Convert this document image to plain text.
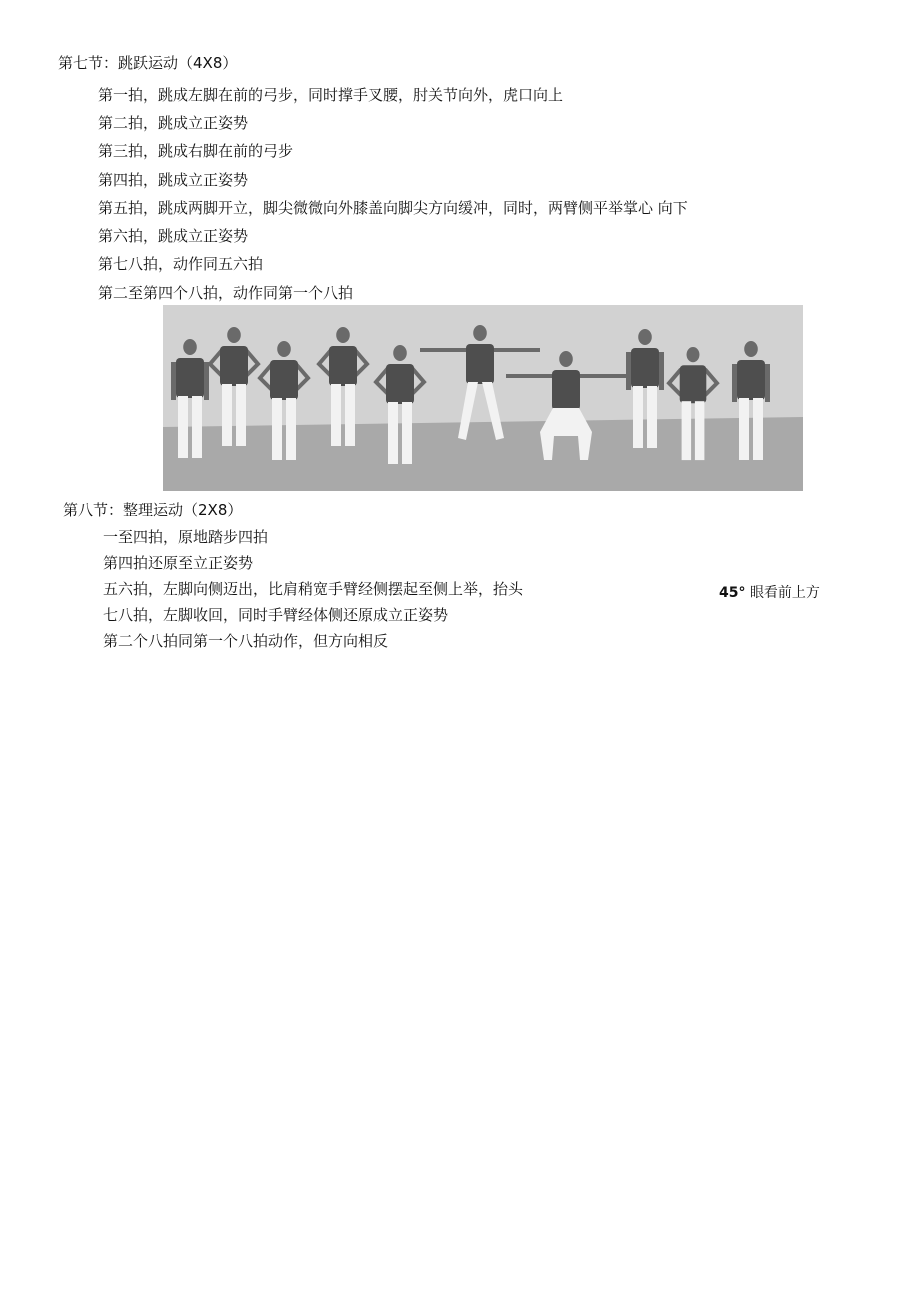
第七节：跳跃运动（4X8）
第一拍，跳成左脚在前的弓步，同时撑手叉腰，肘关节向外，虎口向上
第二拍，跳成立正姿势
第三拍，跳成右脚在前的弓步
第四拍，跳成立正姿势
第五拍，跳成两脚开立，脚尖微微向外膝盖向脚尖方向缓冲，同时，两臂侧平举掌心 向下
第六拍，跳成立正姿势
第七八拍，动作同五六拍
第二至第四个八拍，动作同第一个八拍
第八节：整理运动（2X8）
一至四拍，原地踏步四拍
第四拍还原至立正姿势
五六拍，左脚向侧迈出，比肩稍宽手臂经侧摆起至侧上举，抬头
七八拍，左脚收回，同时手臂经体侧还原成立正姿势
第二个八拍同第一个八拍动作，但方向相反
45° 眼看前上方
